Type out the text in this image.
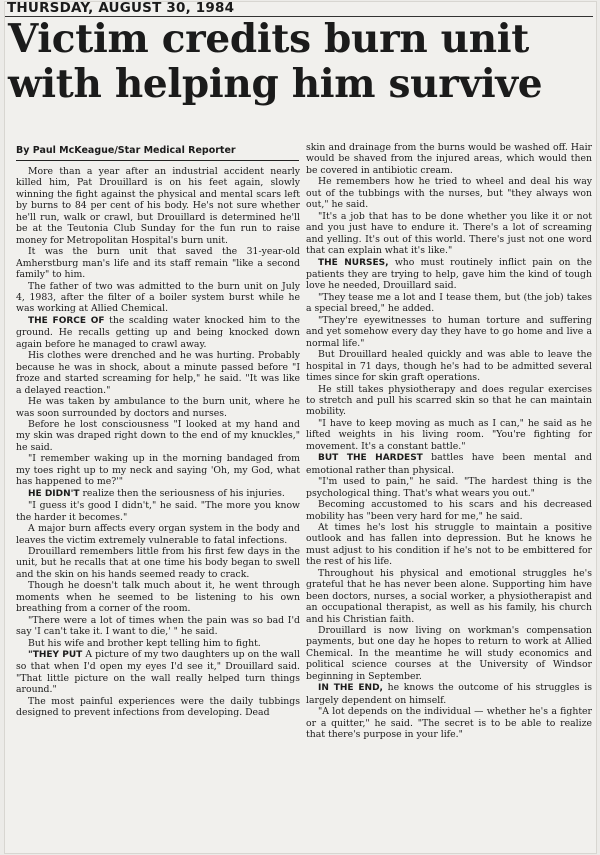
THURSDAY, AUGUST 30, 1984
Victim credits burn unit
with helping him survive
By Paul McKeague/Star Medical Reporter

More than a year after an industrial accident nearly killed him, Pat Drouillard is on his feet again, slowly winning the fight against the physical and mental scars left by burns to 84 per cent of his body. He's not sure whether he'll run, walk or crawl, but Drouillard is determined he'll be at the Teutonia Club Sunday for the fun run to raise money for Metropolitan Hospital's burn unit.

It was the burn unit that saved the 31-year-old Amherstburg man's life and its staff remain "like a second family" to him.

The father of two was admitted to the burn unit on July 4, 1983, after the filter of a boiler system burst while he was working at Allied Chemical.

THE FORCE OF the scalding water knocked him to the ground. He recalls getting up and being knocked down again before he managed to crawl away.

His clothes were drenched and he was hurting. Probably because he was in shock, about a minute passed before "I froze and started screaming for help," he said. "It was like a delayed reaction."

He was taken by ambulance to the burn unit, where he was soon surrounded by doctors and nurses.

Before he lost consciousness "I looked at my hand and my skin was draped right down to the end of my knuckles," he said.

"I remember waking up in the morning bandaged from my toes right up to my neck and saying 'Oh, my God, what has happened to me?'"

HE DIDN'T realize then the seriousness of his injuries.

"I guess it's good I didn't," he said. "The more you know the harder it becomes."

A major burn affects every organ system in the body and leaves the victim extremely vulnerable to fatal infections.

Drouillard remembers little from his first few days in the unit, but he recalls that at one time his body began to swell and the skin on his hands seemed ready to crack.

Though he doesn't talk much about it, he went through moments when he seemed to be listening to his own breathing from a corner of the room.

"There were a lot of times when the pain was so bad I'd say 'I can't take it. I want to die,' " he said.

But his wife and brother kept telling him to fight.

"THEY PUT A picture of my two daughters up on the wall so that when I'd open my eyes I'd see it," Drouillard said. "That little picture on the wall really helped turn things around."

The most painful experiences were the daily tubbings designed to prevent infections from developing. Dead

skin and drainage from the burns would be washed off. Hair would be shaved from the injured areas, which would then be covered in antibiotic cream.

He remembers how he tried to wheel and deal his way out of the tubbings with the nurses, but "they always won out," he said.

"It's a job that has to be done whether you like it or not and you just have to endure it. There's a lot of screaming and yelling. It's out of this world. There's just not one word that can explain what it's like."

THE NURSES, who must routinely inflict pain on the patients they are trying to help, gave him the kind of tough love he needed, Drouillard said.

"They tease me a lot and I tease them, but (the job) takes a special breed," he added.

"They're eyewitnesses to human torture and suffering and yet somehow every day they have to go home and live a normal life."

But Drouillard healed quickly and was able to leave the hospital in 71 days, though he's had to be admitted several times since for skin graft operations.

He still takes physiotherapy and does regular exercises to stretch and pull his scarred skin so that he can maintain mobility.

"I have to keep moving as much as I can," he said as he lifted weights in his living room. "You're fighting for movement. It's a constant battle."

BUT THE HARDEST battles have been mental and emotional rather than physical.

"I'm used to pain," he said. "The hardest thing is the psychological thing. That's what wears you out."

Becoming accustomed to his scars and his decreased mobility has "been very hard for me," he said.

At times he's lost his struggle to maintain a positive outlook and has fallen into depression. But he knows he must adjust to his condition if he's not to be embittered for the rest of his life.

Throughout his physical and emotional struggles he's grateful that he has never been alone. Supporting him have been doctors, nurses, a social worker, a physiotherapist and an occupational therapist, as well as his family, his church and his Christian faith.

Drouillard is now living on workman's compensation payments, but one day he hopes to return to work at Allied Chemical. In the meantime he will study economics and political science courses at the University of Windsor beginning in September.

IN THE END, he knows the outcome of his struggles is largely dependent on himself.

"A lot depends on the individual — whether he's a fighter or a quitter," he said. "The secret is to be able to realize that there's purpose in your life."
